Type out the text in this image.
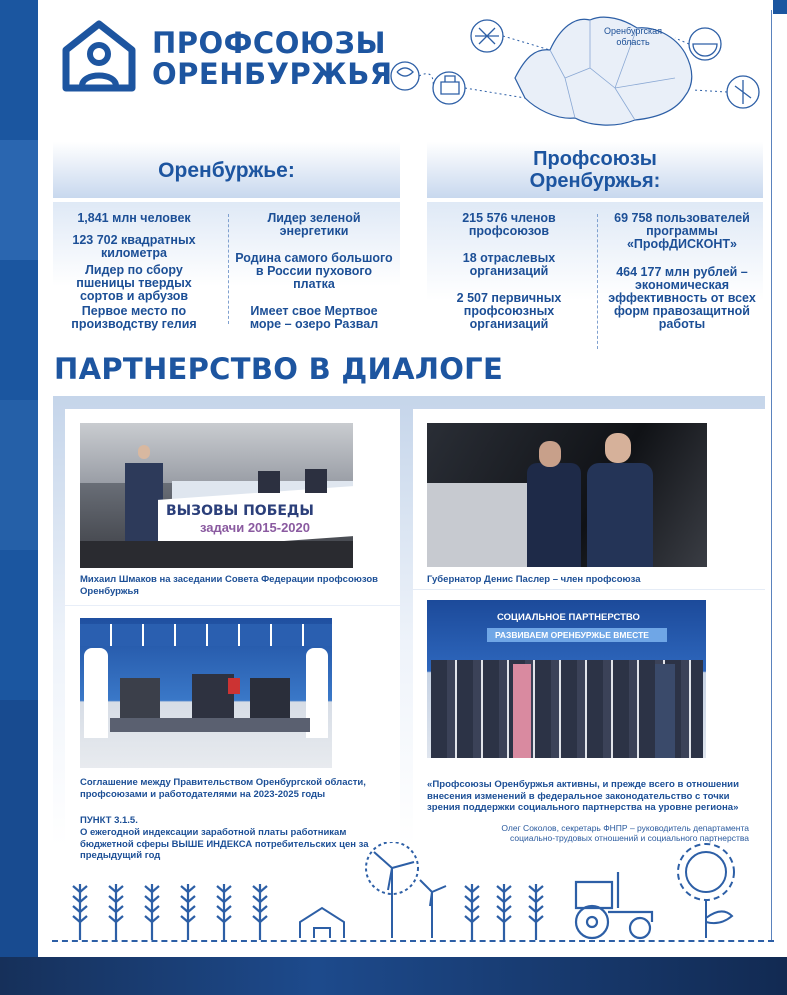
ПРОФСОЮЗЫ
ОРЕНБУРЖЬЯ
Оренбургская
область
Оренбуржье:
1,841 млн человек
123 702 квадратных километра
Лидер по сбору пшеницы твердых сортов и арбузов
Первое место по производству гелия
Лидер зеленой энергетики
Родина самого большого в России пухового платка
Имеет свое Мертвое море – озеро Развал
Профсоюзы
Оренбуржья:
215 576 членов профсоюзов
18 отраслевых организаций
2 507 первичных профсоюзных организаций
69 758 пользователей программы «ПрофДИСКОНТ»
464 177 млн рублей – экономическая эффективность от всех форм правозащитной работы
ПАРТНЕРСТВО В ДИАЛОГЕ
ВЫЗОВЫ ПОБЕДЫ
задачи 2015-2020
Михаил Шмаков на заседании Совета Федерации профсоюзов Оренбуржья
Губернатор Денис Паслер – член профсоюза
Соглашение между Правительством Оренбургской области, профсоюзами и работодателями на 2023-2025 годы
ПУНКТ 3.1.5.
О ежегодной индексации заработной платы работникам бюджетной сферы ВЫШЕ ИНДЕКСА потребительских цен за предыдущий год
СОЦИАЛЬНОЕ ПАРТНЕРСТВО
РАЗВИВАЕМ ОРЕНБУРЖЬЕ ВМЕСТЕ
«Профсоюзы Оренбуржья активны, и прежде всего в отношении внесения изменений в федеральное законодательство с точки зрения поддержки социального партнерства на уровне региона»
Олег Соколов, секретарь ФНПР – руководитель департамента
социально-трудовых отношений и социального партнерства
